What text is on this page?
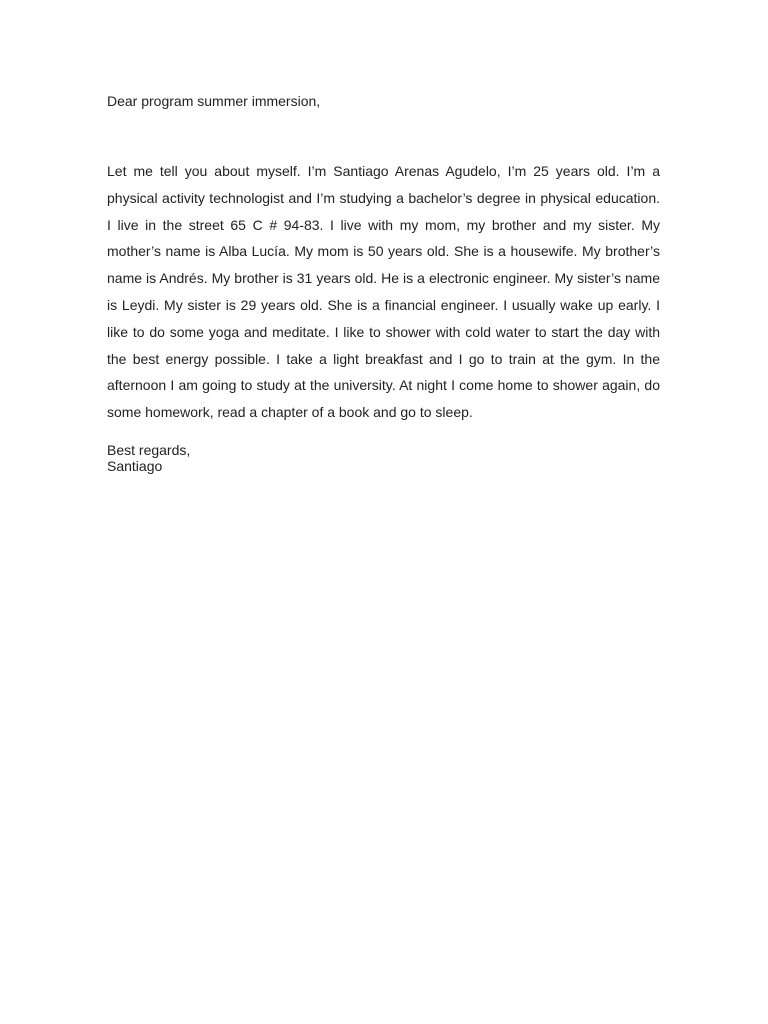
Dear program summer immersion,

Let me tell you about myself. I’m Santiago Arenas Agudelo, I’m 25 years old. I’m a physical activity technologist and I’m studying a bachelor’s degree in physical education. I live in the street 65 C # 94-83. I live with my mom, my brother and my sister. My mother’s name is Alba Lucía. My mom is 50 years old. She is a housewife. My brother’s name is Andrés. My brother is 31 years old. He is a electronic engineer. My sister’s name is Leydi. My sister is 29 years old. She is a financial engineer. I usually wake up early. I like to do some yoga and meditate. I like to shower with cold water to start the day with the best energy possible. I take a light breakfast and I go to train at the gym. In the afternoon I am going to study at the university. At night I come home to shower again, do some homework, read a chapter of a book and go to sleep.

Best regards,
Santiago
